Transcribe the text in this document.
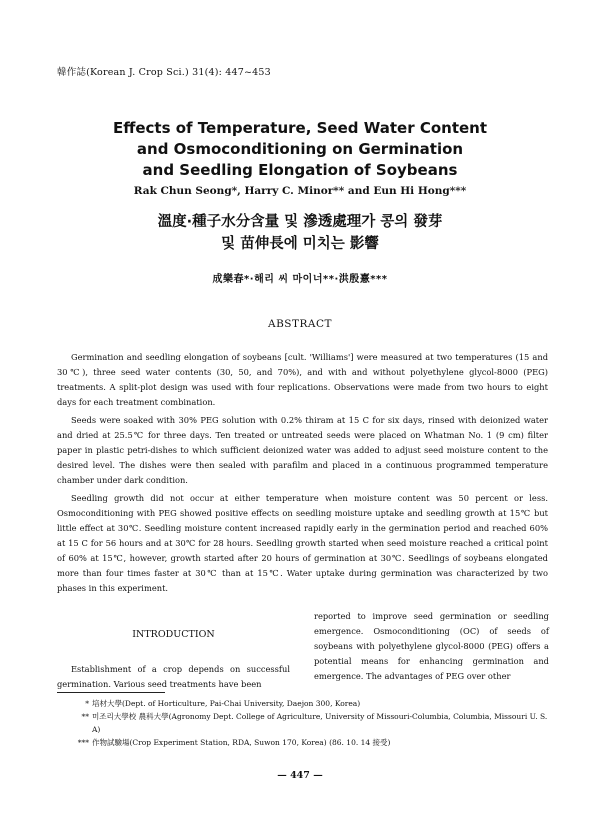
韓作誌(Korean J. Crop Sci.) 31(4): 447~453
Effects of Temperature, Seed Water Content
and Osmoconditioning on Germination
and Seedling Elongation of Soybeans
Rak Chun Seong*, Harry C. Minor** and Eun Hi Hong***
溫度·種子水分含量 및 滲透處理가 콩의 發芽
및 苗伸長에 미치는 影響
成樂春*·해리 씨 마이너**·洪殷憙***
ABSTRACT

Germination and seedling elongation of soybeans [cult. 'Williams'] were measured at two temperatures (15 and 30℃), three seed water contents (30, 50, and 70%), and with and without polyethylene glycol-8000 (PEG) treatments. A split-plot design was used with four replications. Observations were made from two hours to eight days for each treatment combination.

Seeds were soaked with 30% PEG solution with 0.2% thiram at 15 C for six days, rinsed with deionized water and dried at 25.5℃ for three days. Ten treated or untreated seeds were placed on Whatman No. 1 (9 cm) filter paper in plastic petri-dishes to which sufficient deionized water was added to adjust seed moisture content to the desired level. The dishes were then sealed with parafilm and placed in a continuous programmed temperature chamber under dark condition.

Seedling growth did not occur at either temperature when moisture content was 50 percent or less. Osmoconditioning with PEG showed positive effects on seedling moisture uptake and seedling growth at 15℃ but little effect at 30℃. Seedling moisture content increased rapidly early in the germination period and reached 60% at 15 C for 56 hours and at 30℃ for 28 hours. Seedling growth started when seed moisture reached a critical point of 60% at 15℃, however, growth started after 20 hours of germination at 30℃. Seedlings of soybeans elongated more than four times faster at 30℃ than at 15℃. Water uptake during germination was characterized by two phases in this experiment.

INTRODUCTION

Establishment of a crop depends on successful germination. Various seed treatments have been

reported to improve seed germination or seedling emergence. Osmoconditioning (OC) of seeds of soybeans with polyethylene glycol-8000 (PEG) offers a potential means for enhancing germination and emergence. The advantages of PEG over other

* 培材大學(Dept. of Horticulture, Pai-Chai University, Daejon 300, Korea)
** 미조리大學校 農科大學(Agronomy Dept. College of Agriculture, University of Missouri-Columbia, Columbia, Missouri U. S. A)
*** 作物試驗場(Crop Experiment Station, RDA, Suwon 170, Korea) (86. 10. 14 接受)
— 447 —
